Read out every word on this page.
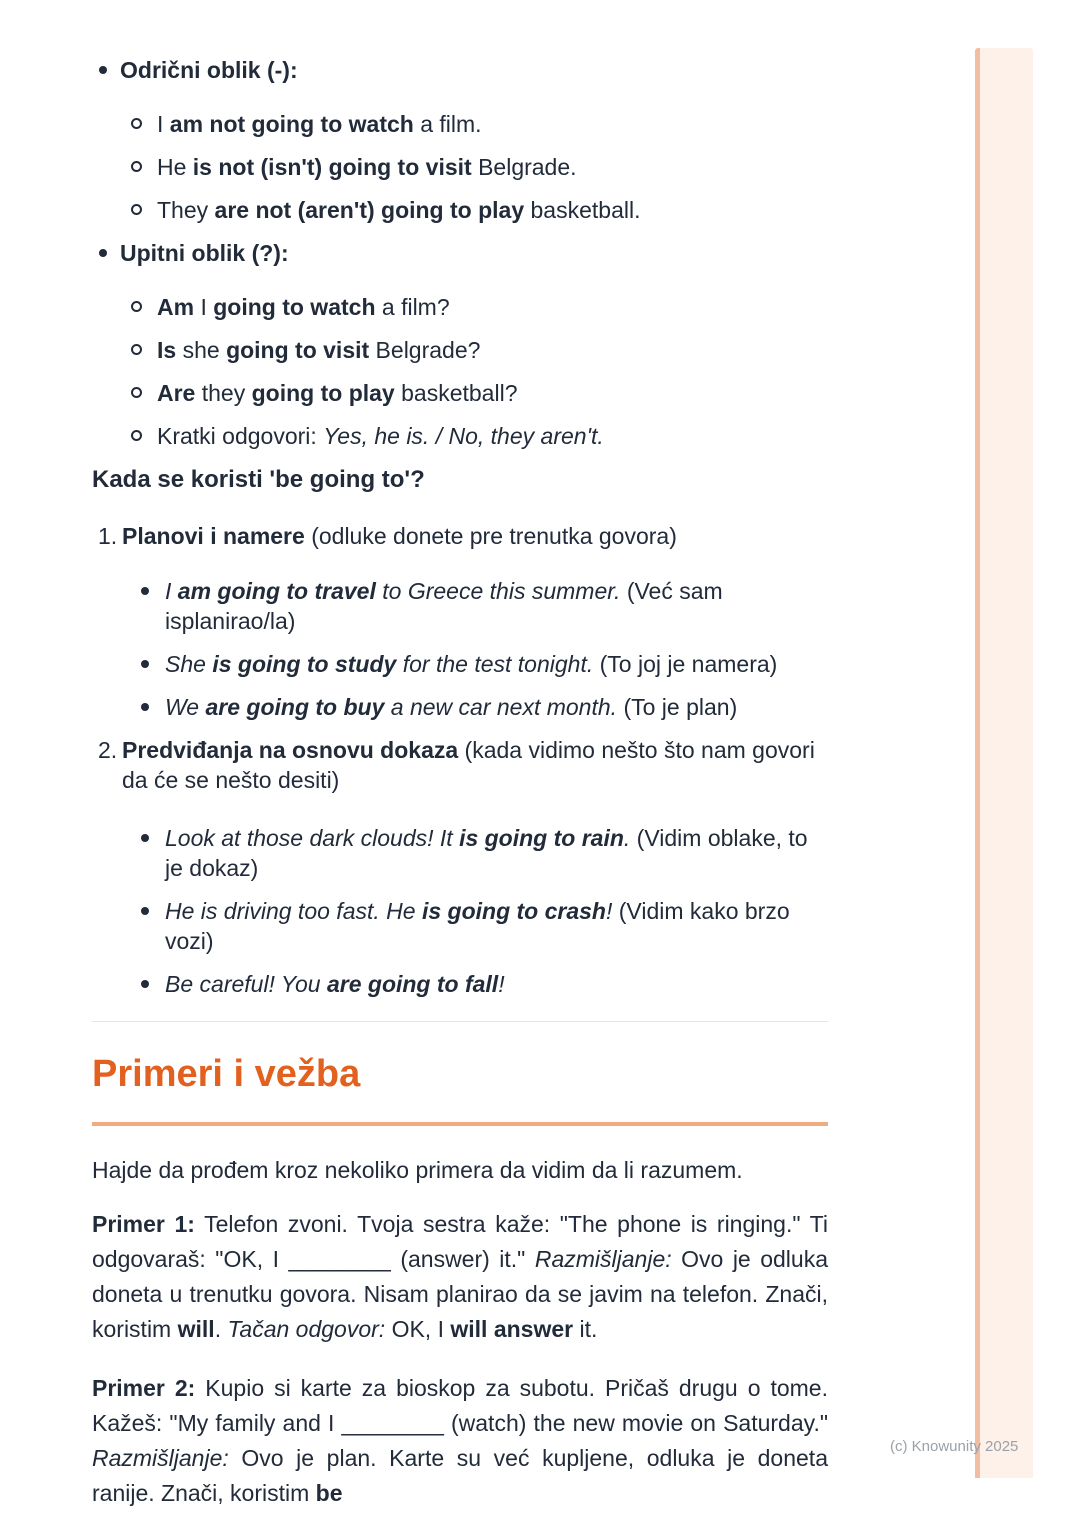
Odrični oblik (-):
I am not going to watch a film.
He is not (isn't) going to visit Belgrade.
They are not (aren't) going to play basketball.
Upitni oblik (?):
Am I going to watch a film?
Is she going to visit Belgrade?
Are they going to play basketball?
Kratki odgovori: Yes, he is. / No, they aren't.
Kada se koristi 'be going to'?
1. Planovi i namere (odluke donete pre trenutka govora)
I am going to travel to Greece this summer. (Već sam isplanirao/la)
She is going to study for the test tonight. (To joj je namera)
We are going to buy a new car next month. (To je plan)
2. Predviđanja na osnovu dokaza (kada vidimo nešto što nam govori da će se nešto desiti)
Look at those dark clouds! It is going to rain. (Vidim oblake, to je dokaz)
He is driving too fast. He is going to crash! (Vidim kako brzo vozi)
Be careful! You are going to fall!
Primeri i vežba

Hajde da prođem kroz nekoliko primera da vidim da li razumem.

Primer 1: Telefon zvoni. Tvoja sestra kaže: "The phone is ringing." Ti odgovaraš: "OK, I ________ (answer) it." Razmišljanje: Ovo je odluka doneta u trenutku govora. Nisam planirao da se javim na telefon. Znači, koristim will. Tačan odgovor: OK, I will answer it.

Primer 2: Kupio si karte za bioskop za subotu. Pričaš drugu o tome. Kažeš: "My family and I ________ (watch) the new movie on Saturday." Razmišljanje: Ovo je plan. Karte su već kupljene, odluka je doneta ranije. Znači, koristim be

(c) Knowunity 2025
